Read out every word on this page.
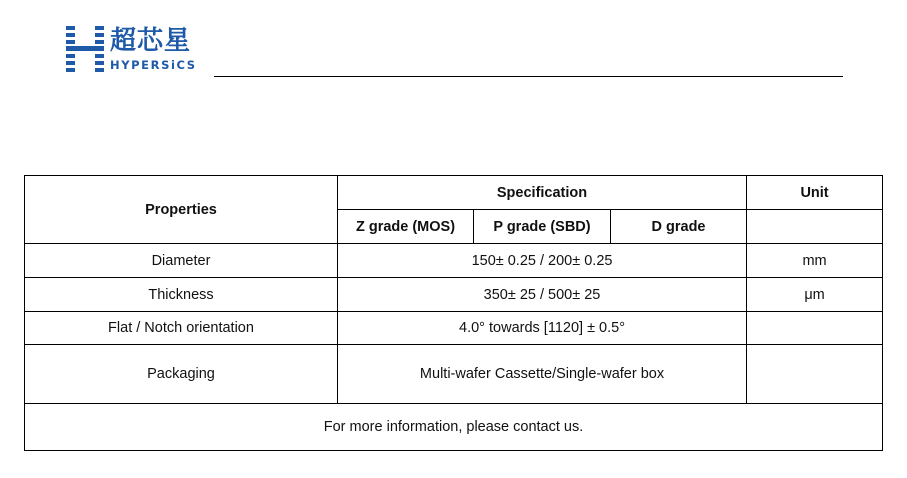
超芯星
HYPERSiCS
Properties	Specification			Unit
	Z grade (MOS)	P grade (SBD)	D grade	
Diameter	150± 0.25 / 200± 0.25			mm
Thickness	350± 25 / 500± 25			μm
Flat / Notch orientation	4.0° towards [1120] ± 0.5°			
Packaging	Multi-wafer Cassette/Single-wafer box			
For more information, please contact us.				
